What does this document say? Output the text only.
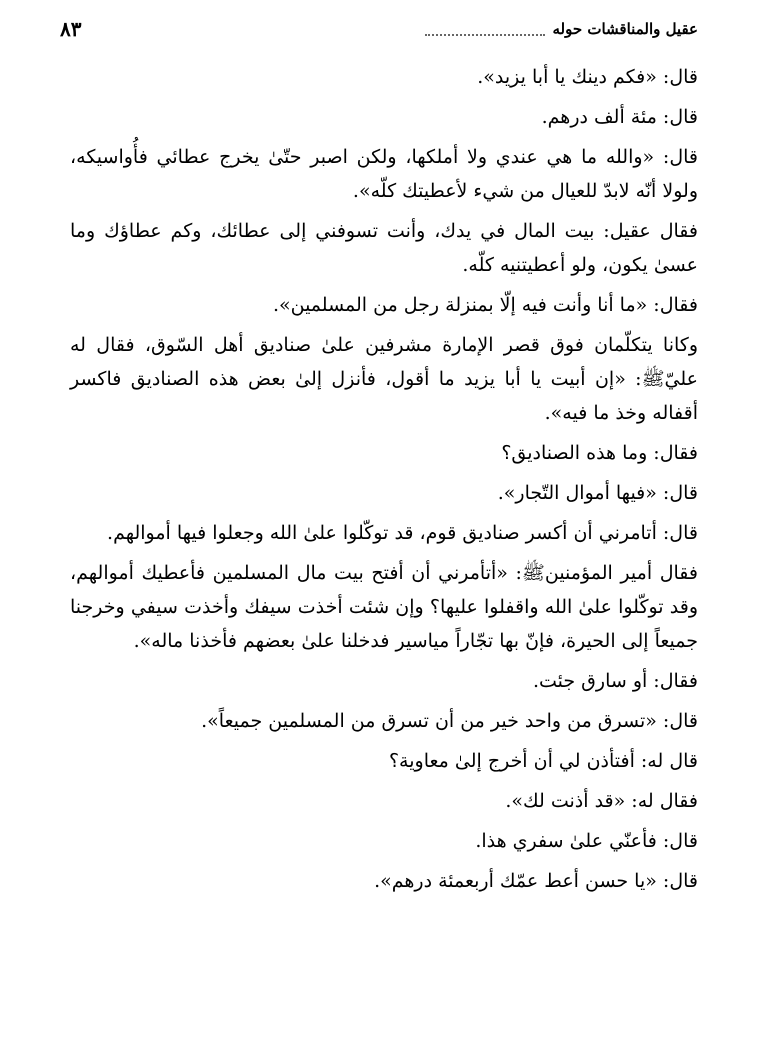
عقيل والمناقشات حوله
٨٣

قال: «فكم دينك يا أبا يزيد».

قال: مئة ألف درهم.

قال: «والله ما هي عندي ولا أملكها، ولكن اصبر حتّىٰ يخرج عطائي فأُواسيكه، ولولا أنّه لابدّ للعيال من شيء لأعطيتك كلّه».

فقال عقيل: بيت المال في يدك، وأنت تسوفني إلى عطائك، وكم عطاؤك وما عسىٰ يكون، ولو أعطيتنيه كلّه.

فقال: «ما أنا وأنت فيه إلّا بمنزلة رجل من المسلمين».

وكانا يتكلّمان فوق قصر الإمارة مشرفين علىٰ صناديق أهل السّوق، فقال له عليّ‏ﷺ: «إن أبيت يا أبا يزيد ما أقول، فأنزل إلىٰ بعض هذه الصناديق فاكسر أقفاله وخذ ما فيه».

فقال: وما هذه الصناديق؟

قال: «فيها أموال التّجار».

قال: أتامرني أن أكسر صناديق قوم، قد توكّلوا علىٰ الله وجعلوا فيها أموالهم.

فقال أمير المؤمنينﷺ: «أتأمرني أن أفتح بيت مال المسلمين فأعطيك أموالهم، وقد توكّلوا علىٰ الله واقفلوا عليها؟ وإن شئت أخذت سيفك وأخذت سيفي وخرجنا جميعاً إلى الحيرة، فإنّ بها تجّاراً مياسير فدخلنا علىٰ بعضهم فأخذنا ماله».

فقال: أو سارق جئت.

قال: «تسرق من واحد خير من أن تسرق من المسلمين جميعاً».

قال له: أفتأذن لي أن أخرج إلىٰ معاوية؟

فقال له: «قد أذنت لك».

قال: فأعنّي علىٰ سفري هذا.

قال: «يا حسن أعط عمّك أربعمئة درهم».
